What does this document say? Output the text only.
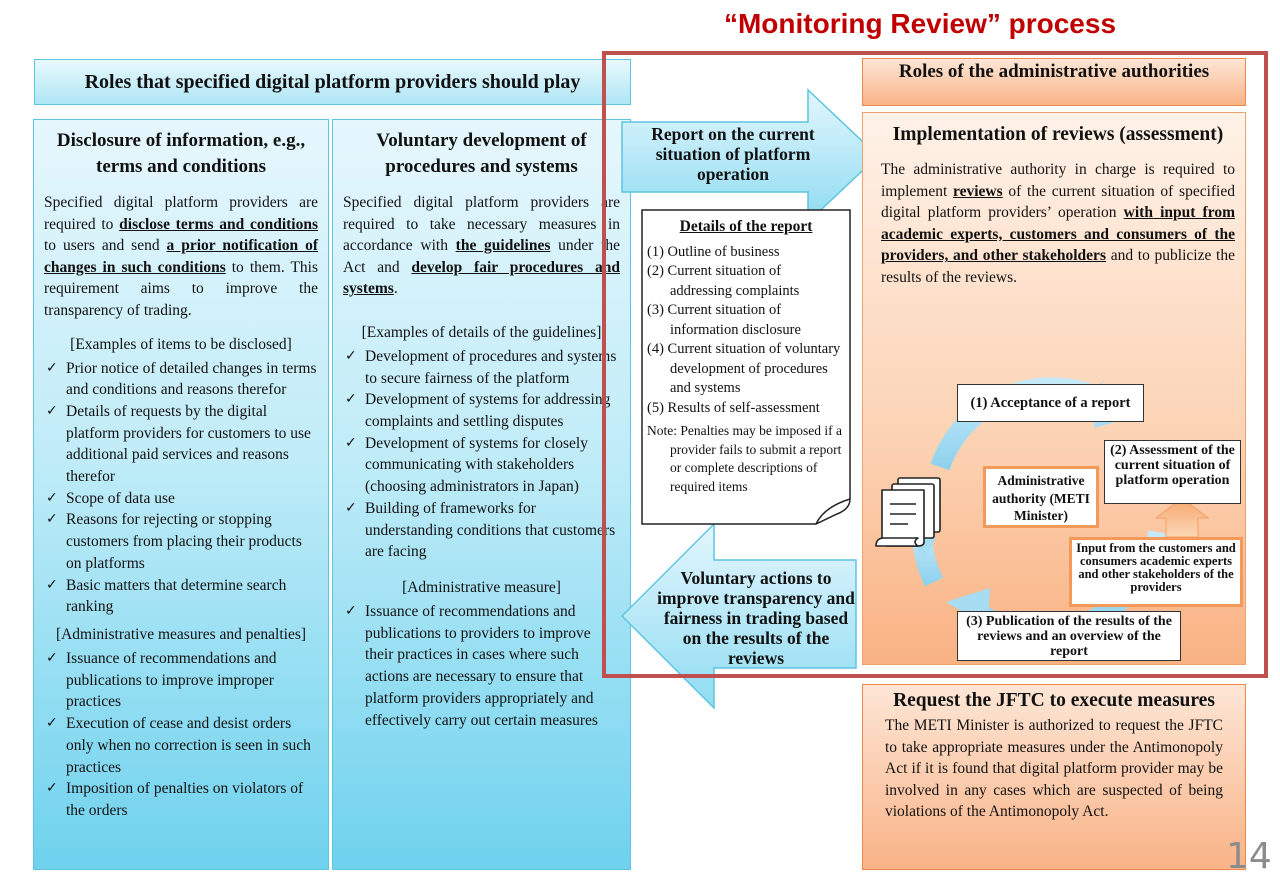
“Monitoring Review” process
Roles that specified digital platform providers should play
Disclosure of information, e.g., terms and conditions
Specified digital platform providers are required to disclose terms and conditions to users and send a prior notification of changes in such conditions to them. This requirement aims to improve the transparency of trading.
[Examples of items to be disclosed]
✓ Prior notice of detailed changes in terms and conditions and reasons therefor
✓ Details of requests by the digital platform providers for customers to use additional paid services and reasons therefor
✓ Scope of data use
✓ Reasons for rejecting or stopping customers from placing their products on platforms
✓ Basic matters that determine search ranking
[Administrative measures and penalties]
✓ Issuance of recommendations and publications to improve improper practices
✓ Execution of cease and desist orders only when no correction is seen in such practices
✓ Imposition of penalties on violators of the orders
Voluntary development of procedures and systems
Specified digital platform providers are required to take necessary measures in accordance with the guidelines under the Act and develop fair procedures and systems.
[Examples of details of the guidelines]
✓ Development of procedures and systems to secure fairness of the platform
✓ Development of systems for addressing complaints and settling disputes
✓ Development of systems for closely communicating with stakeholders (choosing administrators in Japan)
✓ Building of frameworks for understanding conditions that customers are facing
[Administrative measure]
✓ Issuance of recommendations and publications to providers to improve their practices in cases where such actions are necessary to ensure that platform providers appropriately and effectively carry out certain measures
Report on the current situation of platform operation
Voluntary actions to improve transparency and fairness in trading based on the results of the reviews
Details of the report
(1) Outline of business
(2) Current situation of addressing complaints
(3) Current situation of information disclosure
(4) Current situation of voluntary development of procedures and systems
(5) Results of self-assessment
Note: Penalties may be imposed if a provider fails to submit a report or complete descriptions of required items
Roles of the administrative authorities
Implementation of reviews (assessment)
The administrative authority in charge is required to implement reviews of the current situation of specified digital platform providers’ operation with input from academic experts, customers and consumers of the providers, and other stakeholders and to publicize the results of the reviews.
(1) Acceptance of a report
(2) Assessment of the current situation of platform operation
(3) Publication of the results of the reviews and an overview of the report
Administrative authority (METI Minister)
Input from the customers and consumers academic experts and other stakeholders of the providers
Request the JFTC to execute measures
The METI Minister is authorized to request the JFTC to take appropriate measures under the Antimonopoly Act if it is found that digital platform provider may be involved in any cases which are suspected of being violations of the Antimonopoly Act.
14
